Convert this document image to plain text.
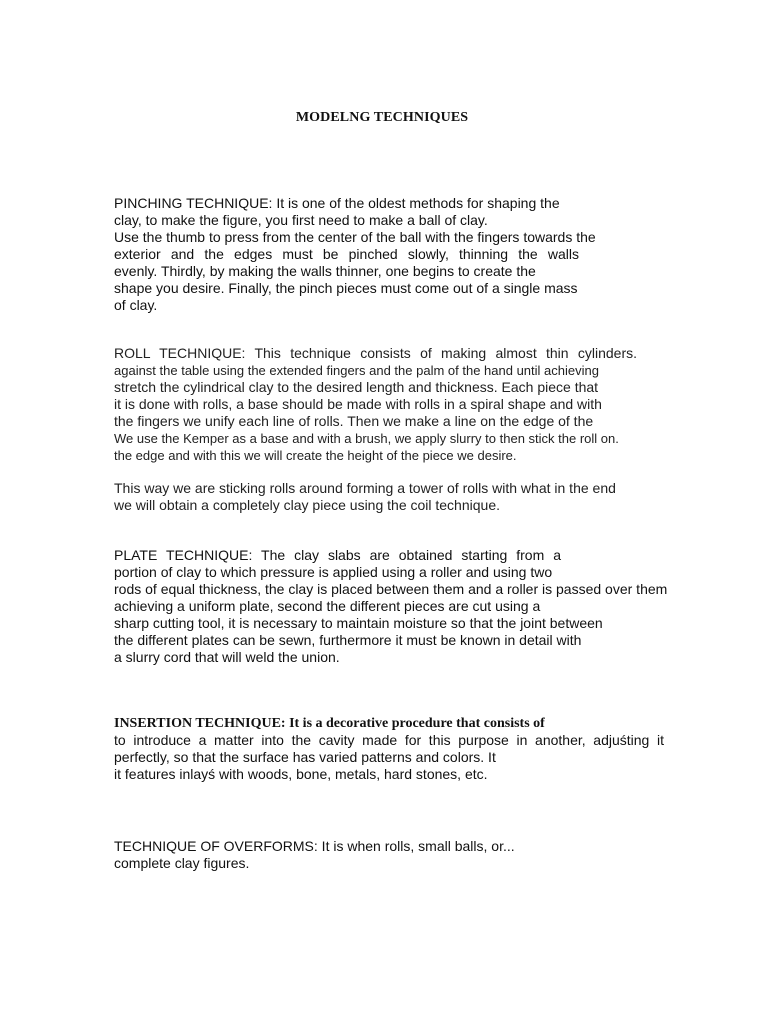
MODELNG TECHNIQUES
PINCHING TECHNIQUE: It is one of the oldest methods for shaping the
clay, to make the figure, you first need to make a ball of clay.
Use the thumb to press from the center of the ball with the fingers towards the
exterior and the edges must be pinched slowly, thinning the walls
evenly. Thirdly, by making the walls thinner, one begins to create the
shape you desire. Finally, the pinch pieces must come out of a single mass
of clay.
ROLL TECHNIQUE: This technique consists of making almost thin cylinders.
against the table using the extended fingers and the palm of the hand until achieving
stretch the cylindrical clay to the desired length and thickness. Each piece that
it is done with rolls, a base should be made with rolls in a spiral shape and with
the fingers we unify each line of rolls. Then we make a line on the edge of the
We use the Kemper as a base and with a brush, we apply slurry to then stick the roll on.
the edge and with this we will create the height of the piece we desire.
This way we are sticking rolls around forming a tower of rolls with what in the end
we will obtain a completely clay piece using the coil technique.
PLATE TECHNIQUE: The clay slabs are obtained starting from a
portion of clay to which pressure is applied using a roller and using two
rods of equal thickness, the clay is placed between them and a roller is passed over them
achieving a uniform plate, second the different pieces are cut using a
sharp cutting tool, it is necessary to maintain moisture so that the joint between
the different plates can be sewn, furthermore it must be known in detail with
a slurry cord that will weld the union.
INSERTION TECHNIQUE: It is a decorative procedure that consists of
to introduce a matter into the cavity made for this purpose in another, adjuśting it
perfectly, so that the surface has varied patterns and colors. It
it features inlayś with woods, bone, metals, hard stones, etc.
TECHNIQUE OF OVERFORMS: It is when rolls, small balls, or...
complete clay figures.
